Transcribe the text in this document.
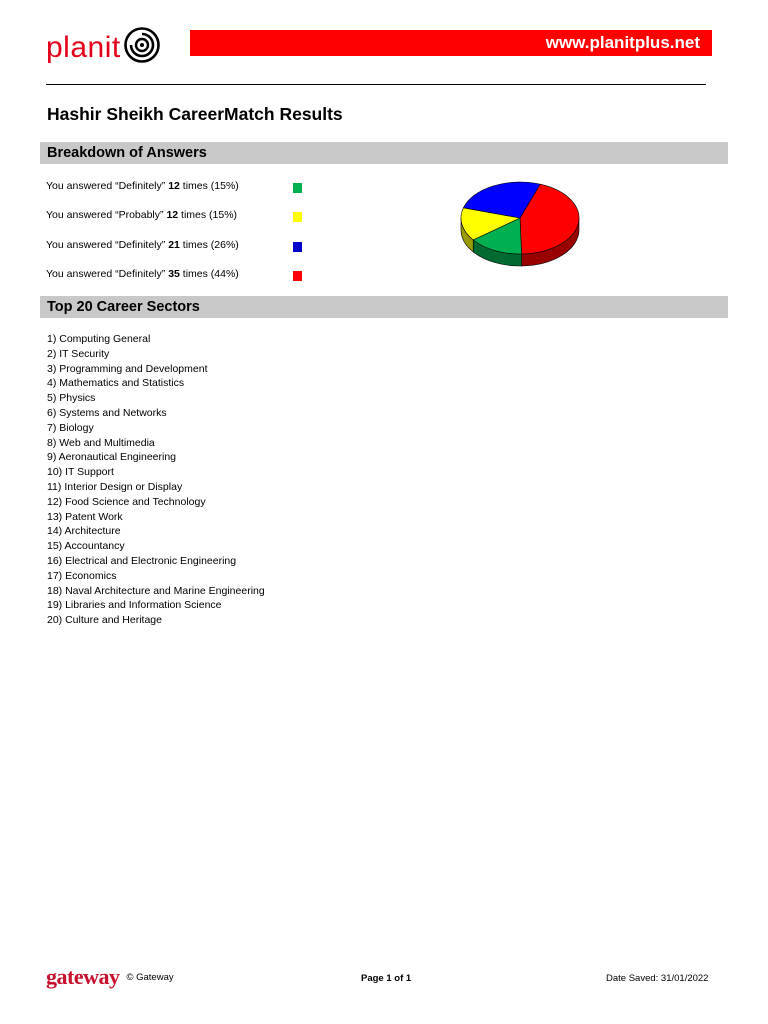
planit	www.planitplus.net
Hashir Sheikh CareerMatch Results
Breakdown of Answers
You answered “Definitely” 12 times (15%)
You answered “Probably” 12 times (15%)
You answered “Definitely” 21 times (26%)
You answered “Definitely” 35 times (44%)
Top 20 Career Sectors
1) Computing General
2) IT Security
3) Programming and Development
4) Mathematics and Statistics
5) Physics
6) Systems and Networks
7) Biology
8) Web and Multimedia
9) Aeronautical Engineering
10) IT Support
11) Interior Design or Display
12) Food Science and Technology
13) Patent Work
14) Architecture
15) Accountancy
16) Electrical and Electronic Engineering
17) Economics
18) Naval Architecture and Marine Engineering
19) Libraries and Information Science
20) Culture and Heritage
gateway © Gateway	Page 1 of 1	Date Saved: 31/01/2022
